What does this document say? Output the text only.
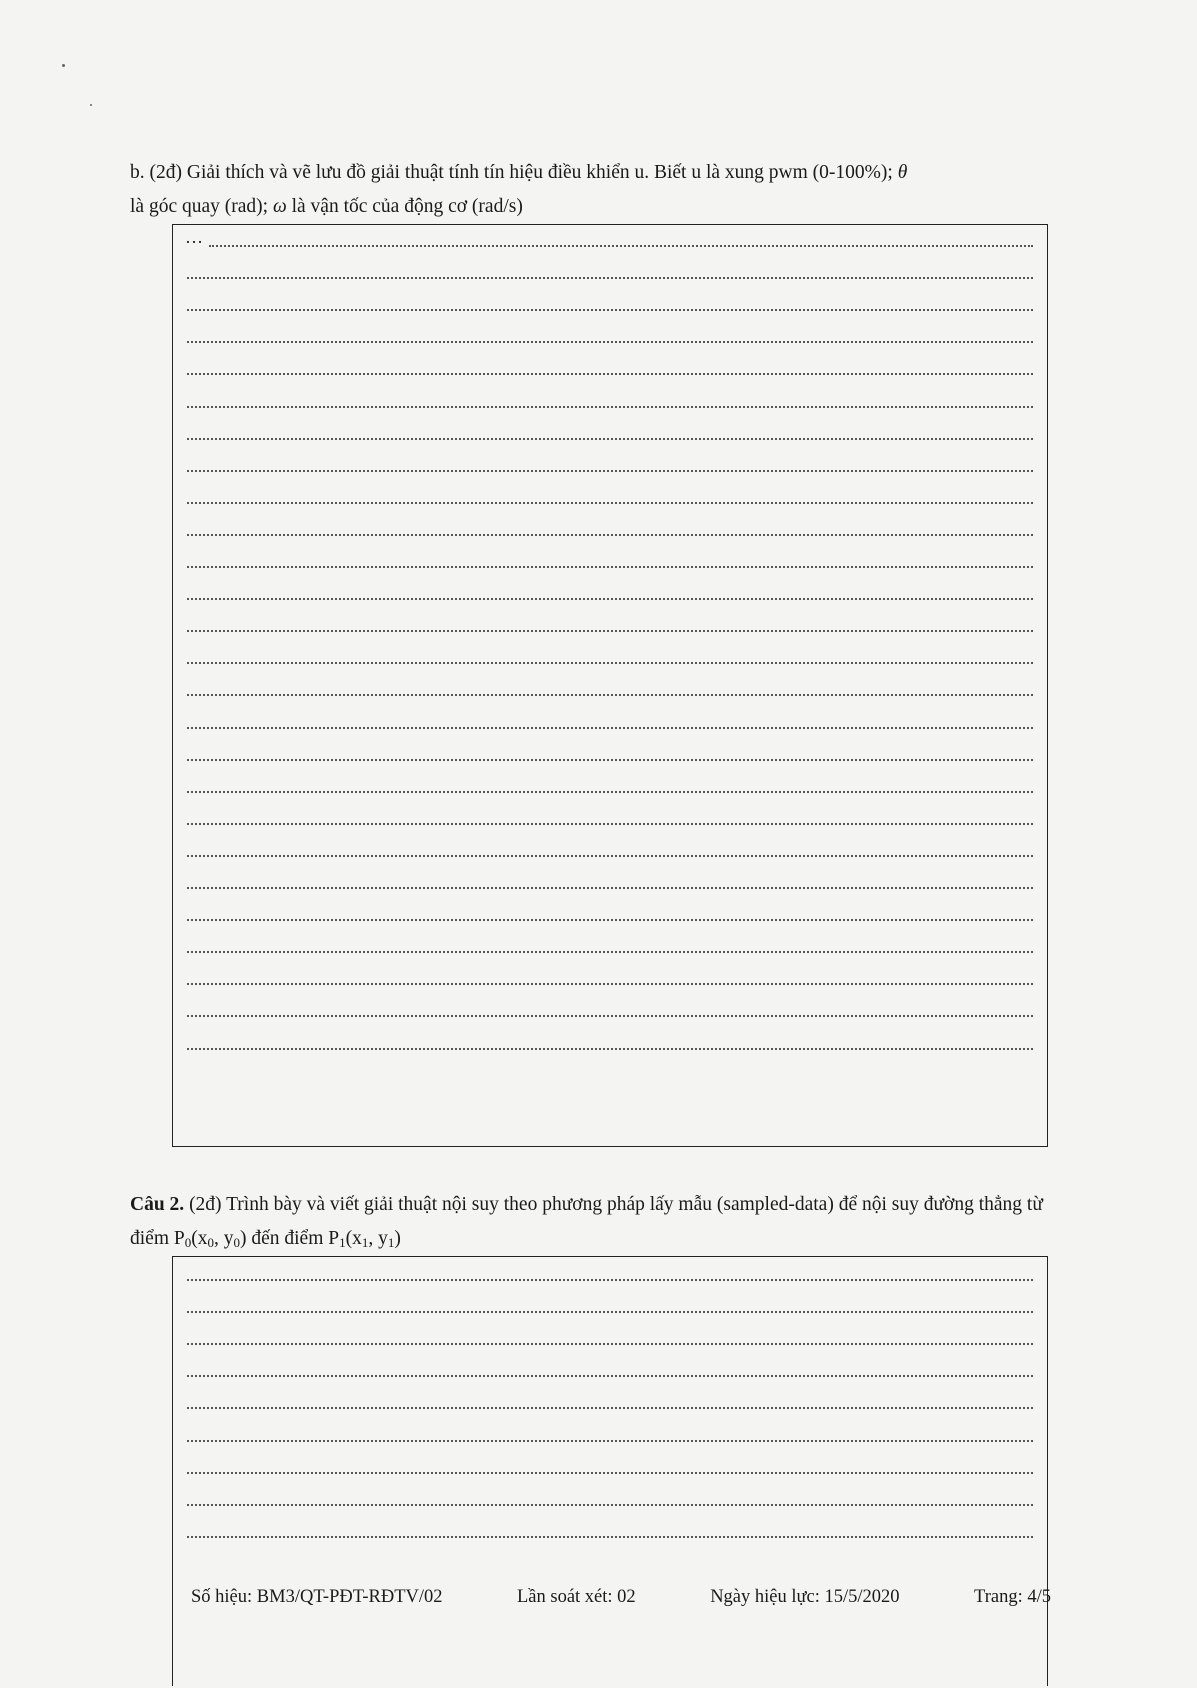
b. (2đ) Giải thích và vẽ lưu đồ giải thuật tính tín hiệu điều khiển u. Biết u là xung pwm (0-100%); θ
là góc quay (rad); ω là vận tốc của động cơ (rad/s)
…
Câu 2. (2đ) Trình bày và viết giải thuật nội suy theo phương pháp lấy mẫu (sampled-data) để nội suy đường thẳng từ điểm $P_0(x_0$, $y_0$) đến điểm $P_1(x_1$, $y_1$)
Số hiệu: BM3/QT-PĐT-RĐTV/02	Lần soát xét: 02	Ngày hiệu lực: 15/5/2020	Trang: 4/5
